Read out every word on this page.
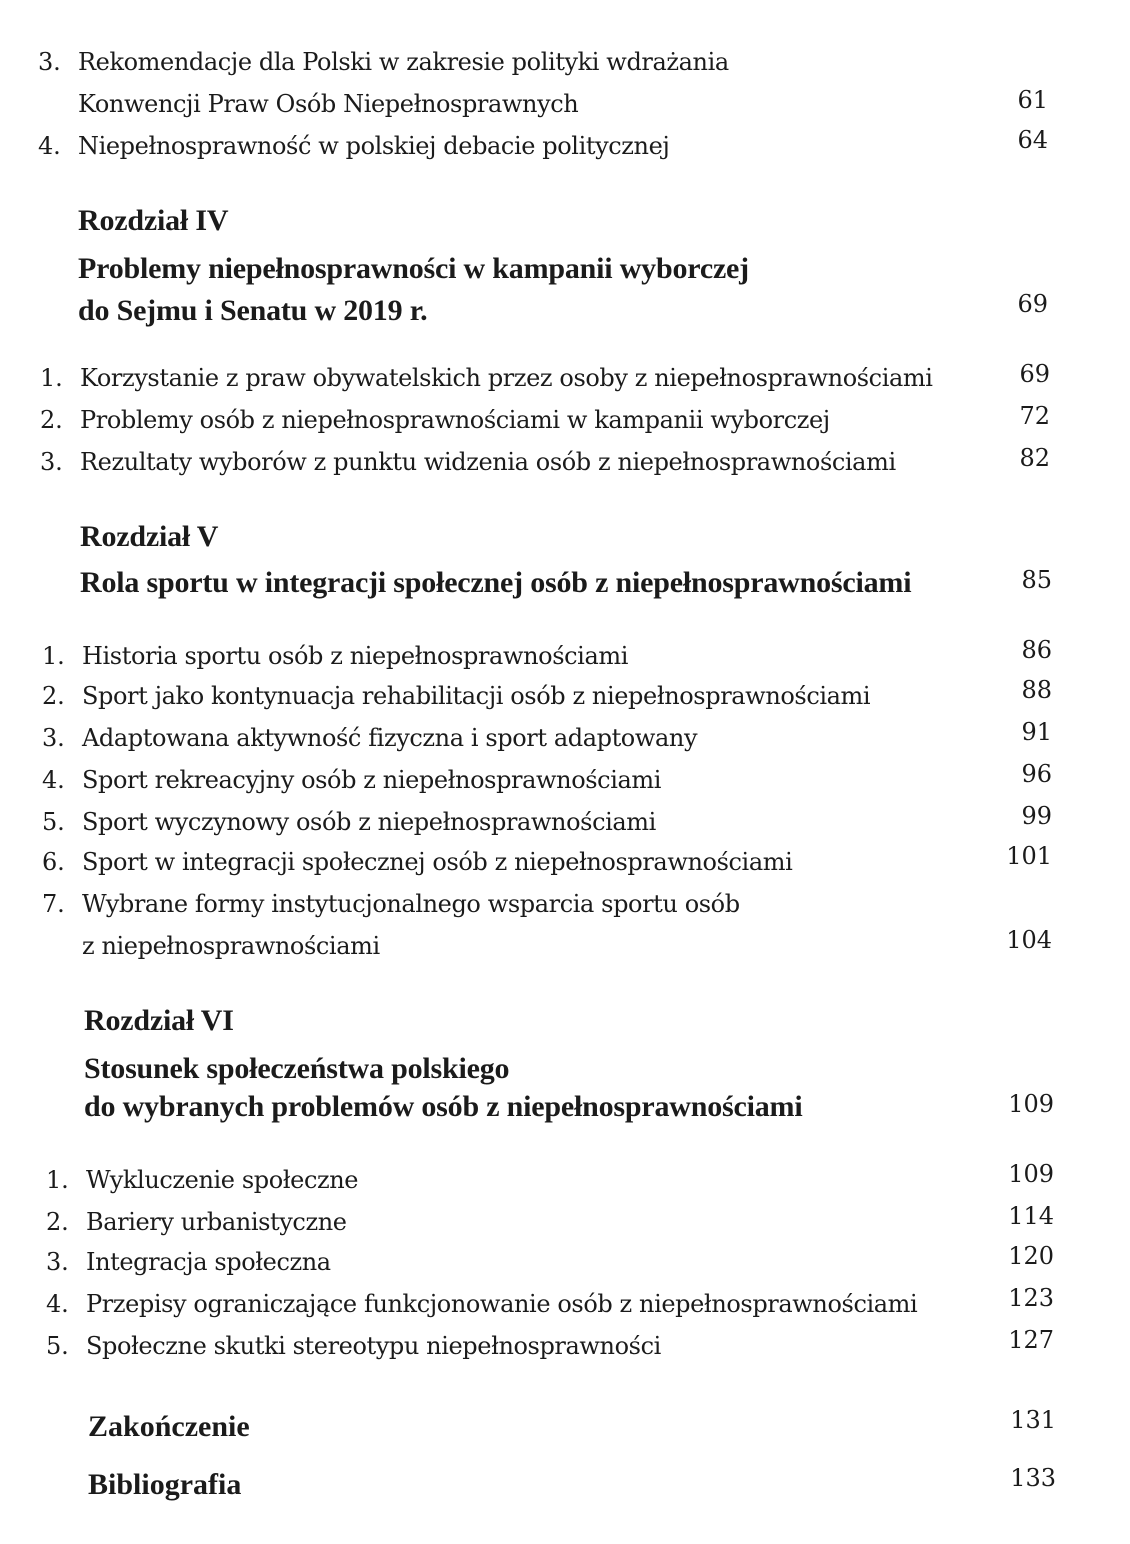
3. Rekomendacje dla Polski w zakresie polityki wdrażania
Konwencji Praw Osób Niepełnosprawnych	61
4. Niepełnosprawność w polskiej debacie politycznej	64
Rozdział IV
Problemy niepełnosprawności w kampanii wyborczej
do Sejmu i Senatu w 2019 r.	69
1. Korzystanie z praw obywatelskich przez osoby z niepełnosprawnościami	69
2. Problemy osób z niepełnosprawnościami w kampanii wyborczej	72
3. Rezultaty wyborów z punktu widzenia osób z niepełnosprawnościami	82
Rozdział V
Rola sportu w integracji społecznej osób z niepełnosprawnościami	85
1. Historia sportu osób z niepełnosprawnościami	86
2. Sport jako kontynuacja rehabilitacji osób z niepełnosprawnościami	88
3. Adaptowana aktywność fizyczna i sport adaptowany	91
4. Sport rekreacyjny osób z niepełnosprawnościami	96
5. Sport wyczynowy osób z niepełnosprawnościami	99
6. Sport w integracji społecznej osób z niepełnosprawnościami	101
7. Wybrane formy instytucjonalnego wsparcia sportu osób
z niepełnosprawnościami	104
Rozdział VI
Stosunek społeczeństwa polskiego
do wybranych problemów osób z niepełnosprawnościami	109
1. Wykluczenie społeczne	109
2. Bariery urbanistyczne	114
3. Integracja społeczna	120
4. Przepisy ograniczające funkcjonowanie osób z niepełnosprawnościami	123
5. Społeczne skutki stereotypu niepełnosprawności	127
Zakończenie	131
Bibliografia	133
